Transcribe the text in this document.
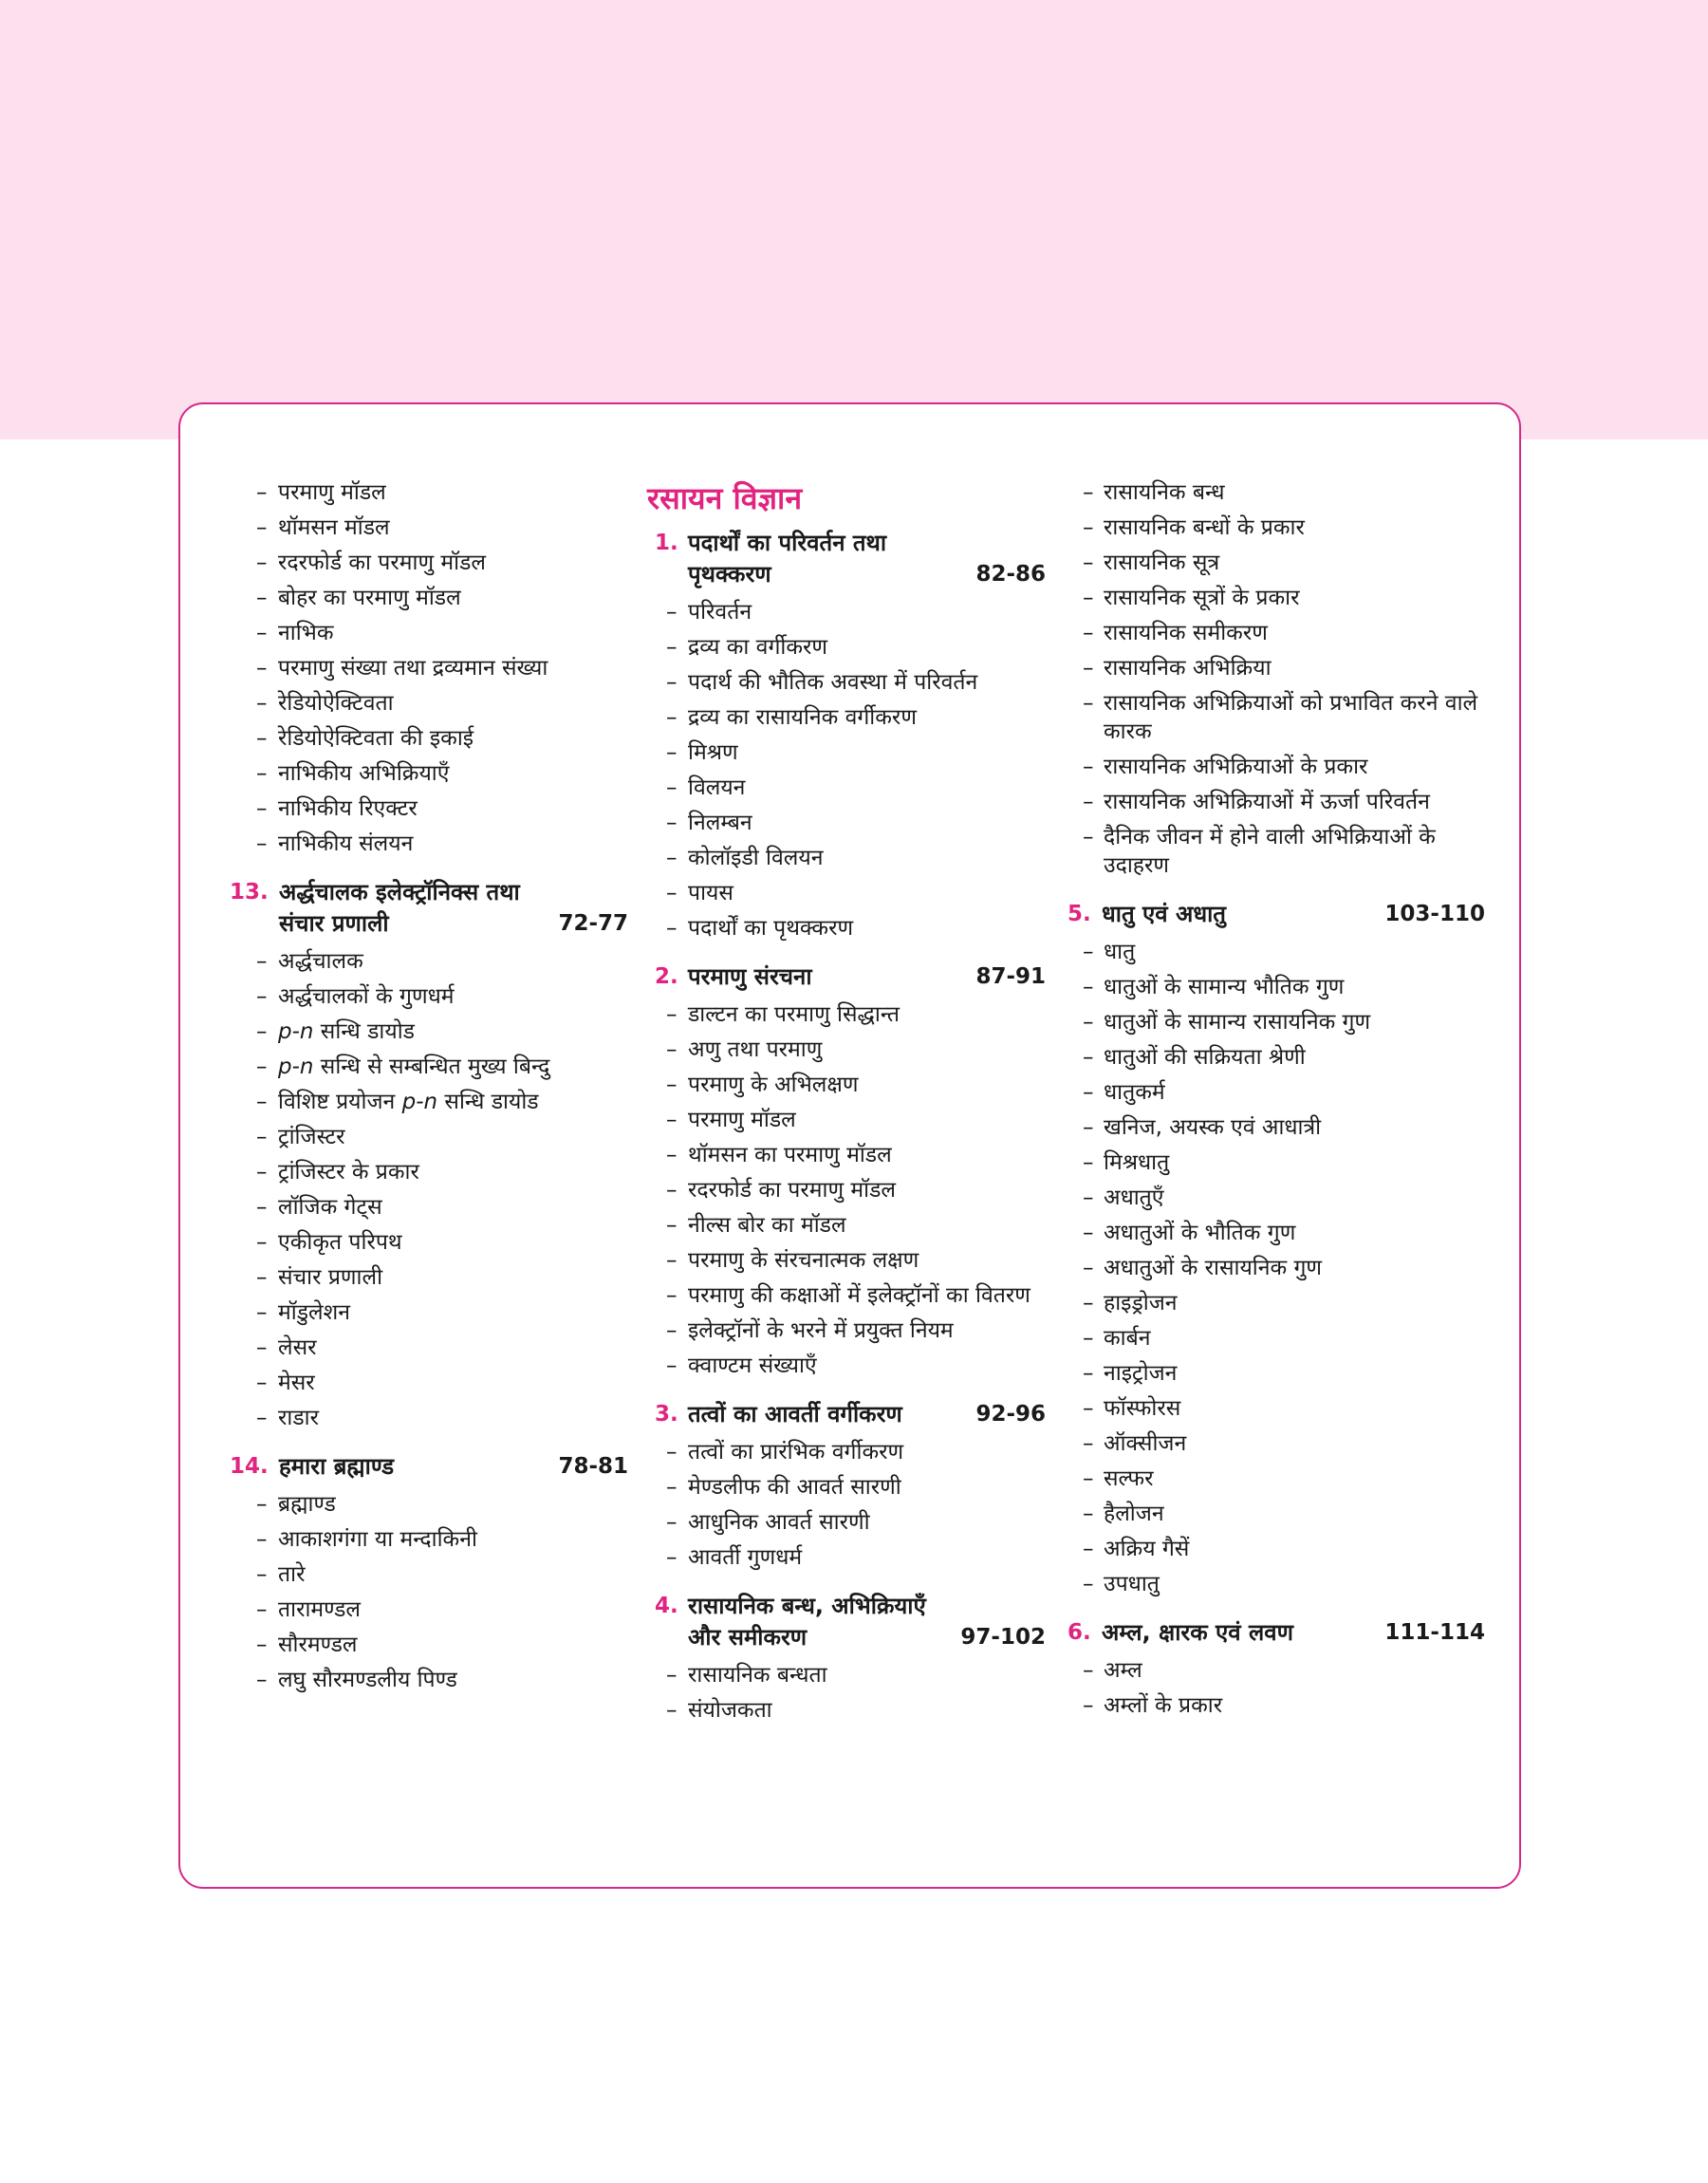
– परमाणु मॉडल
– थॉमसन मॉडल
– रदरफोर्ड का परमाणु मॉडल
– बोहर का परमाणु मॉडल
– नाभिक
– परमाणु संख्या तथा द्रव्यमान संख्या
– रेडियोऐक्टिवता
– रेडियोऐक्टिवता की इकाई
– नाभिकीय अभिक्रियाएँ
– नाभिकीय रिएक्टर
– नाभिकीय संलयन
13. अर्द्धचालक इलेक्ट्रॉनिक्स तथा संचार प्रणाली	72-77
– अर्द्धचालक
– अर्द्धचालकों के गुणधर्म
– p-n सन्धि डायोड
– p-n सन्धि से सम्बन्धित मुख्य बिन्दु
– विशिष्ट प्रयोजन p-n सन्धि डायोड
– ट्रांजिस्टर
– ट्रांजिस्टर के प्रकार
– लॉजिक गेट्स
– एकीकृत परिपथ
– संचार प्रणाली
– मॉडुलेशन
– लेसर
– मेसर
– राडार
14. हमारा ब्रह्माण्ड	78-81
– ब्रह्माण्ड
– आकाशगंगा या मन्दाकिनी
– तारे
– तारामण्डल
– सौरमण्डल
– लघु सौरमण्डलीय पिण्ड
रसायन विज्ञान
1. पदार्थों का परिवर्तन तथा पृथक्करण	82-86
– परिवर्तन
– द्रव्य का वर्गीकरण
– पदार्थ की भौतिक अवस्था में परिवर्तन
– द्रव्य का रासायनिक वर्गीकरण
– मिश्रण
– विलयन
– निलम्बन
– कोलॉइडी विलयन
– पायस
– पदार्थों का पृथक्करण
2. परमाणु संरचना	87-91
– डाल्टन का परमाणु सिद्धान्त
– अणु तथा परमाणु
– परमाणु के अभिलक्षण
– परमाणु मॉडल
– थॉमसन का परमाणु मॉडल
– रदरफोर्ड का परमाणु मॉडल
– नील्स बोर का मॉडल
– परमाणु के संरचनात्मक लक्षण
– परमाणु की कक्षाओं में इलेक्ट्रॉनों का वितरण
– इलेक्ट्रॉनों के भरने में प्रयुक्त नियम
– क्वाण्टम संख्याएँ
3. तत्वों का आवर्ती वर्गीकरण	92-96
– तत्वों का प्रारंभिक वर्गीकरण
– मेण्डलीफ की आवर्त सारणी
– आधुनिक आवर्त सारणी
– आवर्ती गुणधर्म
4. रासायनिक बन्ध, अभिक्रियाएँ और समीकरण	97-102
– रासायनिक बन्धता
– संयोजकता
– रासायनिक बन्ध
– रासायनिक बन्धों के प्रकार
– रासायनिक सूत्र
– रासायनिक सूत्रों के प्रकार
– रासायनिक समीकरण
– रासायनिक अभिक्रिया
– रासायनिक अभिक्रियाओं को प्रभावित करने वाले कारक
– रासायनिक अभिक्रियाओं के प्रकार
– रासायनिक अभिक्रियाओं में ऊर्जा परिवर्तन
– दैनिक जीवन में होने वाली अभिक्रियाओं के उदाहरण
5. धातु एवं अधातु	103-110
– धातु
– धातुओं के सामान्य भौतिक गुण
– धातुओं के सामान्य रासायनिक गुण
– धातुओं की सक्रियता श्रेणी
– धातुकर्म
– खनिज, अयस्क एवं आधात्री
– मिश्रधातु
– अधातुएँ
– अधातुओं के भौतिक गुण
– अधातुओं के रासायनिक गुण
– हाइड्रोजन
– कार्बन
– नाइट्रोजन
– फॉस्फोरस
– ऑक्सीजन
– सल्फर
– हैलोजन
– अक्रिय गैसें
– उपधातु
6. अम्ल, क्षारक एवं लवण	111-114
– अम्ल
– अम्लों के प्रकार
